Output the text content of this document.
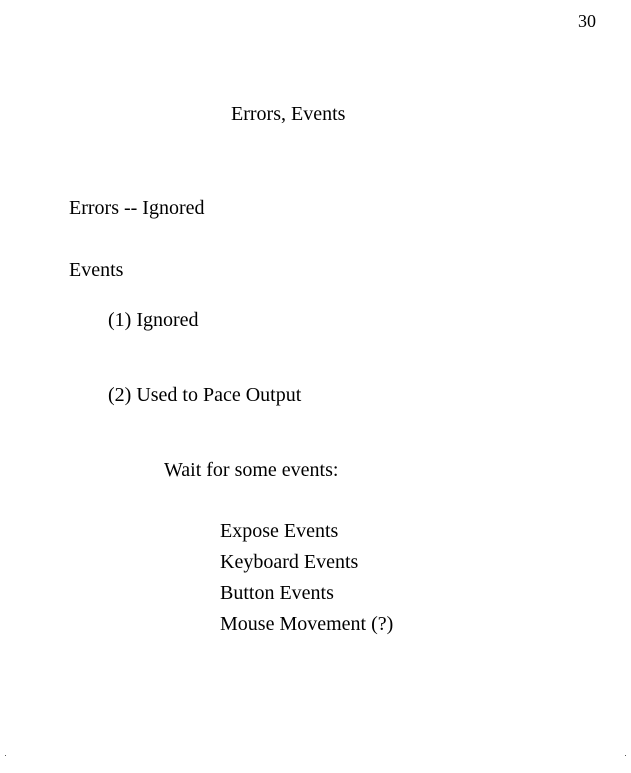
30
Errors, Events
Errors -- Ignored
Events
(1) Ignored
(2) Used to Pace Output
Wait for some events:
Expose Events
Keyboard Events
Button Events
Mouse Movement (?)
